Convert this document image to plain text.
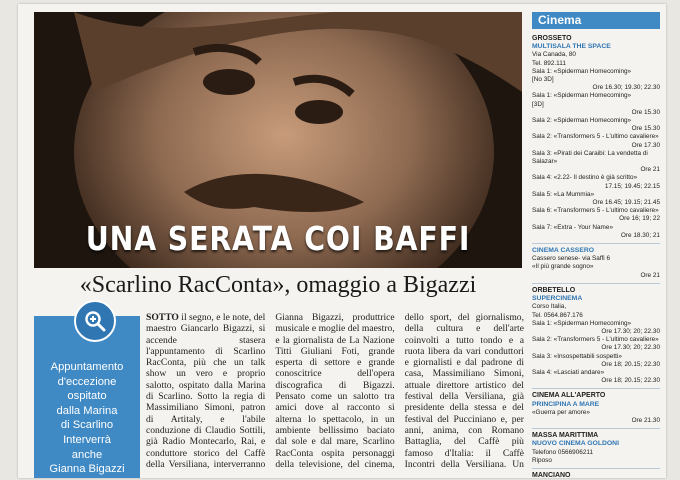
UNA SERATA COI BAFFI
«Scarlino RacConta», omaggio a Bigazzi
Appuntamento
d'eccezione
ospitato
dalla Marina
di Scarlino
Interverrà
anche
Gianna Bigazzi

SOTTO il segno, e le note, del maestro Giancarlo Bigazzi, si accende stasera l'appuntamento di Scarlino RacConta, più che un talk show un vero e proprio salotto, ospitato dalla Marina di Scarlino. Sotto la regia di Massimiliano Simoni, patron di Artitaly, e l'abile conduzione di Claudio Sottili, già Radio Montecarlo, Rai, e conduttore storico del Caffè della Versiliana, interverranno Gianna Bigazzi, produttrice musicale e moglie del maestro, e la giornalista de La Nazione Titti Giuliani Foti, grande esperta di settore e grande conoscitrice dell'opera discografica di Bigazzi. Pensato come un salotto tra amici dove al racconto si alterna lo spettacolo, in un ambiente bellissimo baciato dal sole e dal mare, Scarlino RacConta ospita personaggi della televisione, del cinema, dello sport, del giornalismo, della cultura e dell'arte coinvolti a tutto tondo e a ruota libera da vari conduttori e giornalisti e dal padrone di casa, Massimiliano Simoni, attuale direttore artistico del festival della Versiliana, già presidente della stessa e del festival del Pucciniano e, per anni, anima, con Romano Battaglia, del Caffè più famoso d'Italia: il Caffè Incontri della Versiliana. Un

Cinema
GROSSETO
MULTISALA THE SPACE
Via Canada, 80
Tel. 892.111
Sala 1: «Spiderman Homecoming»
[No 3D]
Ore 16.30; 19.30; 22.30
Sala 1: «Spiderman Homecoming»
[3D]
Ore 15.30
Sala 2: «Spiderman Homecoming»
Ore 15.30
Sala 2: «Transformers 5 - L'ultimo cavaliere»
Ore 17.30
Sala 3: «Pirati dei Caraibi: La vendetta di Salazar»
Ore 21
Sala 4: «2.22- Il destino è già scritto»
17.15; 19.45; 22.15
Sala 5: «La Mummia»
Ore 16.45; 19.15; 21.45
Sala 6: «Transformers 5 - L'ultimo cavaliere»
Ore 16; 19; 22
Sala 7: «Extra - Your Name»
Ore 18.30; 21
CINEMA CASSERO
Cassero senese- via Saffi 6
«Il più grande sogno»
Ore 21
ORBETELLO
SUPERCINEMA
Corso Italia,
Tel. 0564.867.176
Sala 1: «Spiderman Homecoming»
Ore 17.30; 20; 22.30
Sala 2: «Transformers 5 - L'ultimo cavaliere»
Ore 17.30; 20; 22.30
Sala 3: «Insospettabili sospetti»
Ore 18; 20.15; 22.30
Sala 4: «Lasciati andare»
Ore 18; 20.15; 22.30
CINEMA ALL'APERTO
PRINCIPINA A MARE
«Guerra per amore»
Ore 21.30
MASSA MARITTIMA
NUOVO CINEMA GOLDONI
Telefono 0566906211
Riposo
MANCIANO
